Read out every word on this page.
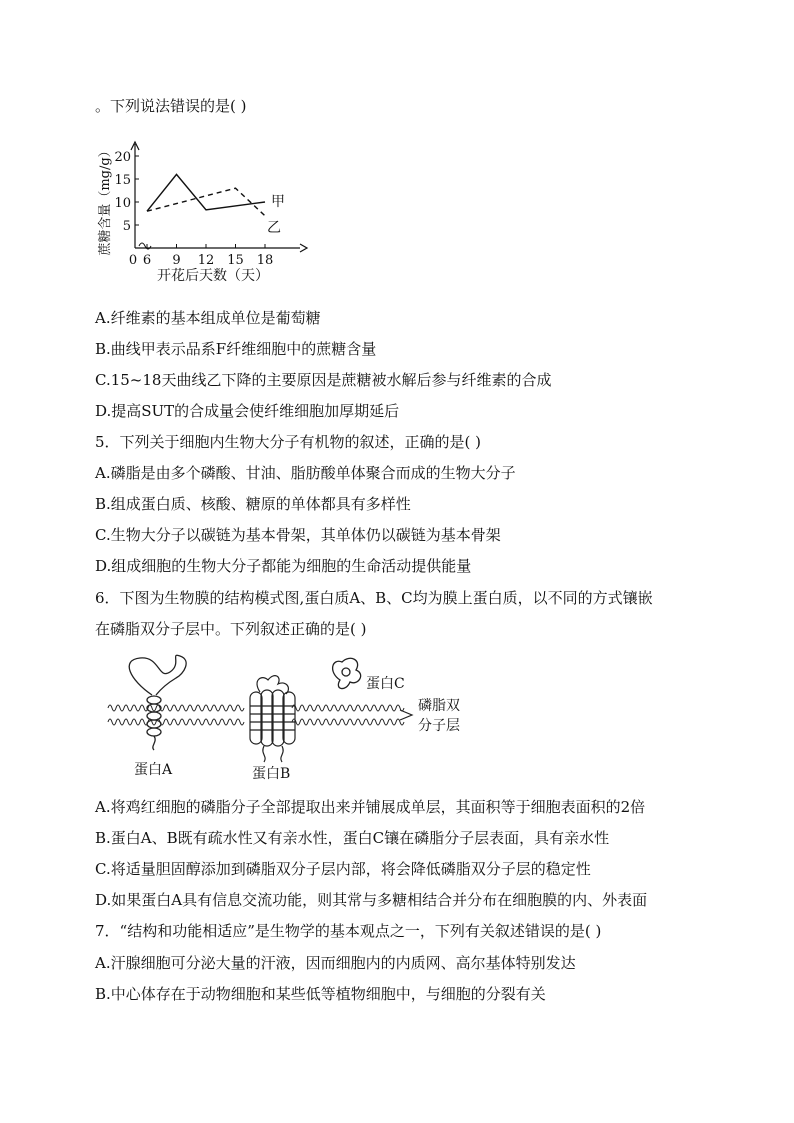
。下列说法错误的是( )
5
10
15
20
0 6 9 12 15 18
甲
乙
蔗糖含量（mg/g）
开花后天数（天）
A.纤维素的基本组成单位是葡萄糖
B.曲线甲表示品系F纤维细胞中的蔗糖含量
C.15~18天曲线乙下降的主要原因是蔗糖被水解后参与纤维素的合成
D.提高SUT的合成量会使纤维细胞加厚期延后
5．下列关于细胞内生物大分子有机物的叙述，正确的是( )
A.磷脂是由多个磷酸、甘油、脂肪酸单体聚合而成的生物大分子
B.组成蛋白质、核酸、糖原的单体都具有多样性
C.生物大分子以碳链为基本骨架，其单体仍以碳链为基本骨架
D.组成细胞的生物大分子都能为细胞的生命活动提供能量
6．下图为生物膜的结构模式图,蛋白质A、B、C均为膜上蛋白质，以不同的方式镶嵌
在磷脂双分子层中。下列叙述正确的是( )
蛋白C
磷脂双
分子层
蛋白A	蛋白B
A.将鸡红细胞的磷脂分子全部提取出来并铺展成单层，其面积等于细胞表面积的2倍
B.蛋白A、B既有疏水性又有亲水性，蛋白C镶在磷脂分子层表面，具有亲水性
C.将适量胆固醇添加到磷脂双分子层内部，将会降低磷脂双分子层的稳定性
D.如果蛋白A具有信息交流功能，则其常与多糖相结合并分布在细胞膜的内、外表面
7．“结构和功能相适应”是生物学的基本观点之一，下列有关叙述错误的是( )
A.汗腺细胞可分泌大量的汗液，因而细胞内的内质网、高尔基体特别发达
B.中心体存在于动物细胞和某些低等植物细胞中，与细胞的分裂有关
